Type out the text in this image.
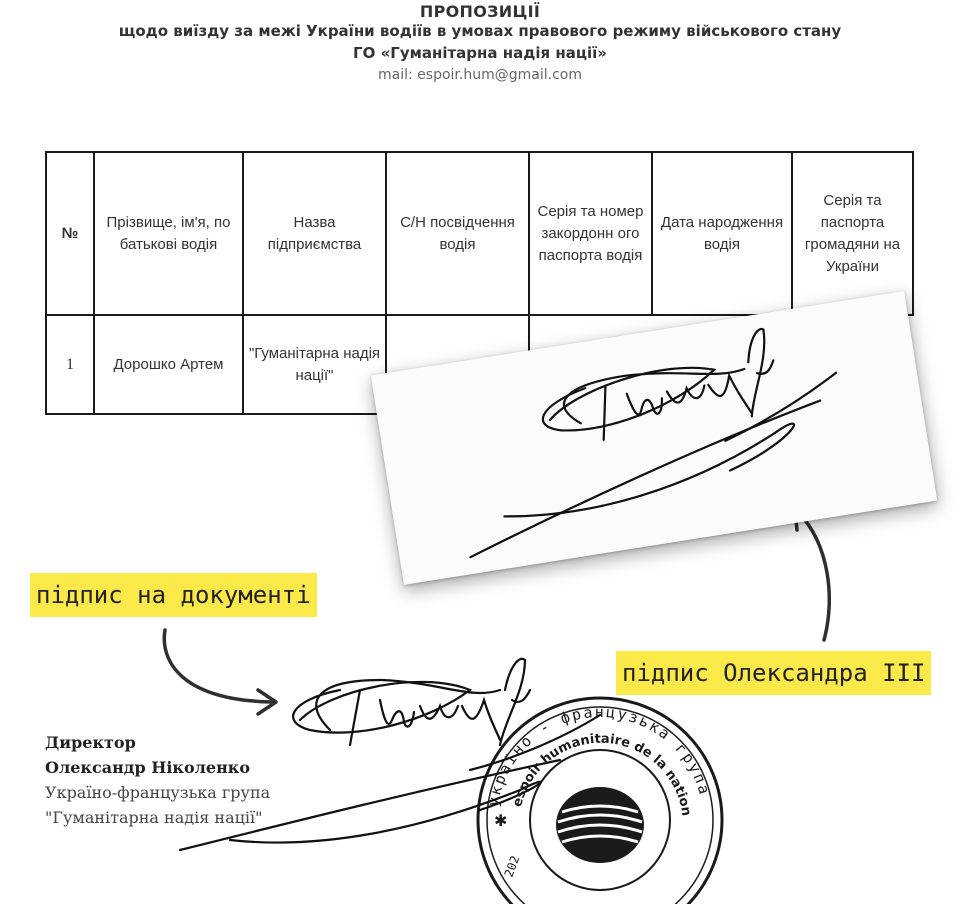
ПРОПОЗИЦІЇ
щодо виїзду за межі України водіїв в умовах правового режиму військового стану
ГО «Гуманітарна надія нації»
mail: espoir.hum@gmail.com
№	Прізвище, ім'я, по батькові водія	Назва підприємства	С/Н посвідчення водія	Серія та номер закордонн ого паспорта водія	Дата народження водія	Серія та паспорта громадяни на України
1	Дорошко Артем	"Гуманітарна надія нації"				
україно - французька група
espoir humanitaire de la nation
202
✱
підпис на документі
підпис Олександра ІІІ
Директор
Олександр Ніколенко
Україно-французька група
"Гуманітарна надія нації"
